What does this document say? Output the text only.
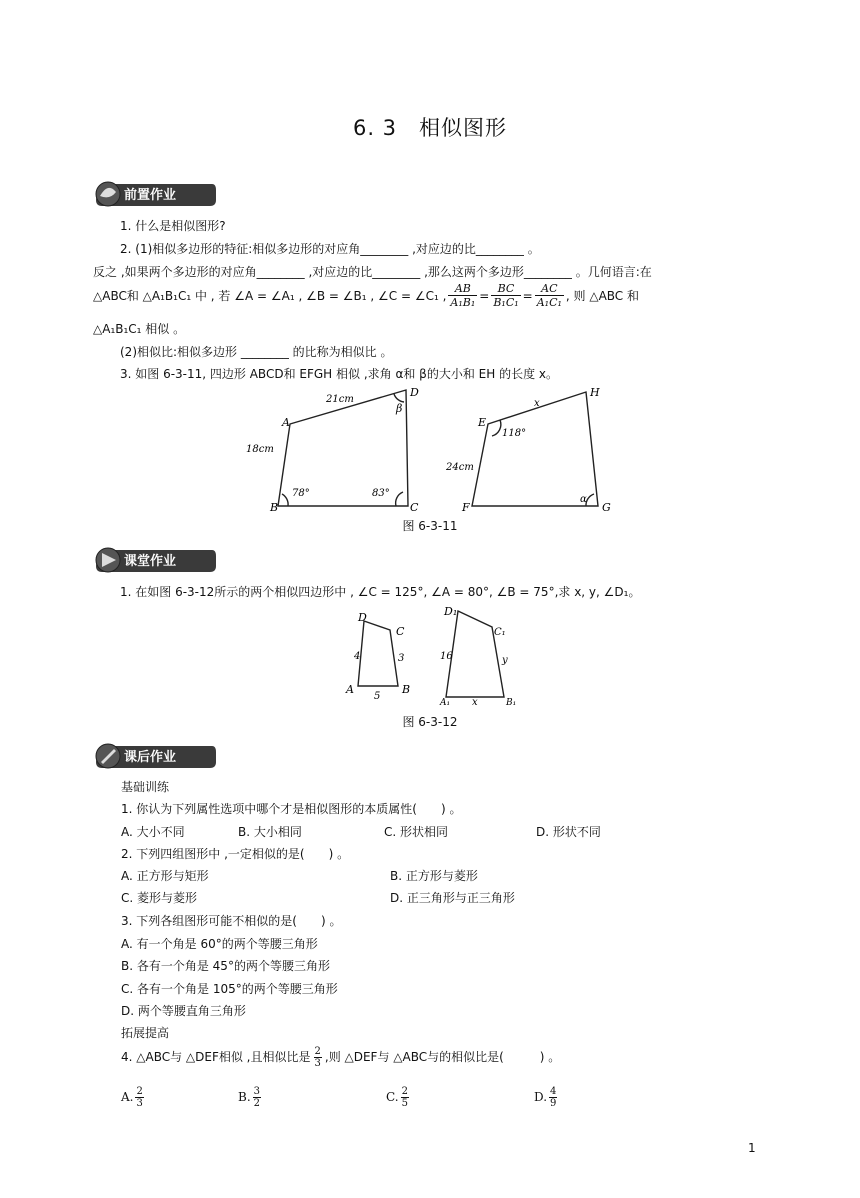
6. 3　相似图形
前置作业
1. 什么是相似图形?
2. (1)相似多边形的特征:相似多边形的对应角________ ,对应边的比________ 。
反之 ,如果两个多边形的对应角________ ,对应边的比________ ,那么这两个多边形________ 。几何语言:在
△ABC和 △A₁B₁C₁ 中 , 若 ∠A = ∠A₁ , ∠B = ∠B₁ , ∠C = ∠C₁ , $\frac{AB}{\text{A₁B₁}} = \frac{BC}{\text{B₁C₁}} = \frac{AC}{\text{A₁C₁}}$ , 则 △ABC 和
△A₁B₁C₁ 相似 。
(2)相似比:相似多边形 ________ 的比称为相似比 。
3. 如图 6-3-11, 四边形 ABCD和 EFGH 相似 ,求角 α和 β的大小和 EH 的长度 x。
A
B	C
D
21cm
18cm
78°	83°
β
E
F	G
H
x
24cm
118°
α
图 6-3-11
课堂作业
1. 在如图 6-3-12所示的两个相似四边形中 , ∠C = 125°, ∠A = 80°, ∠B = 75°,求 x, y, ∠D₁。
D
C
A	B
4	3
5
D₁
C₁
A₁	B₁
16	y
x
图 6-3-12
课后作业
基础训练
1. 你认为下列属性选项中哪个才是相似图形的本质属性(　　) 。
A. 大小不同	B. 大小相同	C. 形状相同	D. 形状不同
2. 下列四组图形中 ,一定相似的是(　　) 。
A. 正方形与矩形	B. 正方形与菱形
C. 菱形与菱形	D. 正三角形与正三角形
3. 下列各组图形可能不相似的是(　　) 。
A. 有一个角是 60°的两个等腰三角形
B. 各有一个角是 45°的两个等腰三角形
C. 各有一个角是 105°的两个等腰三角形
D. 两个等腰直角三角形
拓展提高
4. △ABC与 △DEF相似 ,且相似比是 2
3 ,则 △DEF与 △ABC与的相似比是(　　　) 。
A. 2
3	B. 3
2	C. 2
5	D. 4
9
1
